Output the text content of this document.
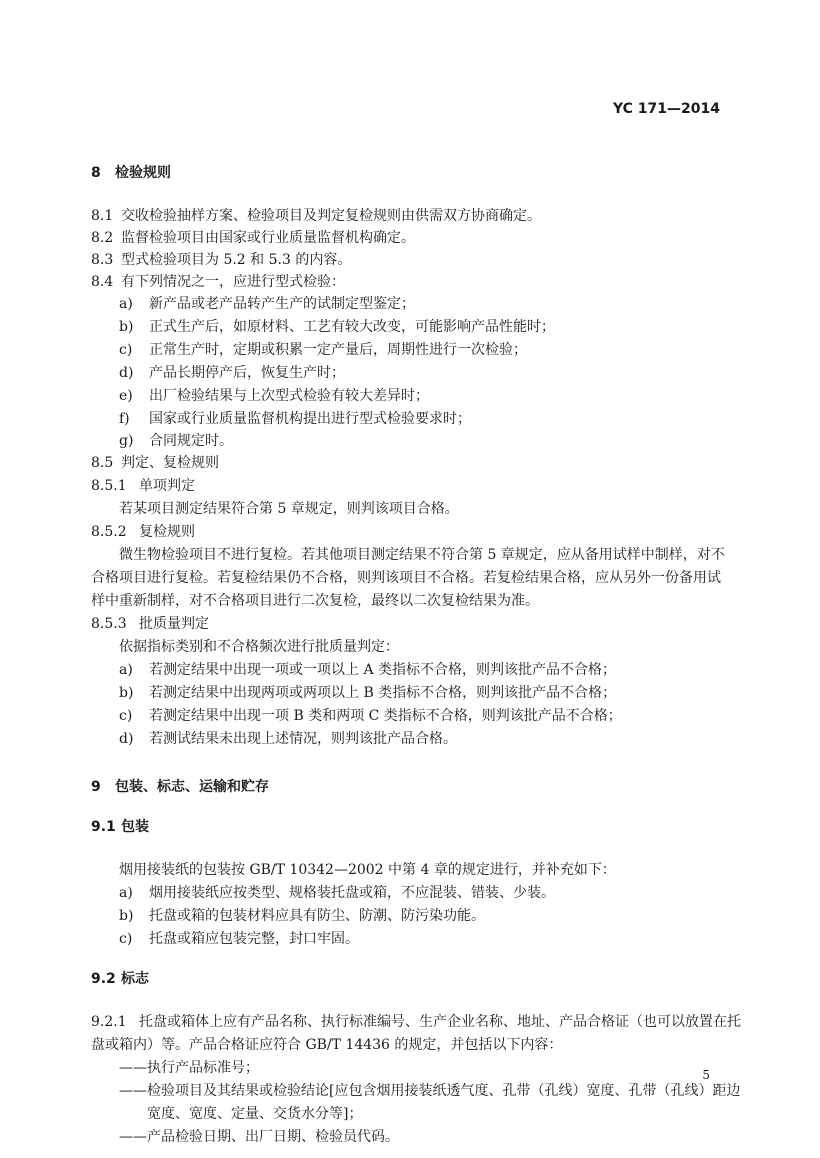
YC 171—2014
8 检验规则
8.1 交收检验抽样方案、检验项目及判定复检规则由供需双方协商确定。
8.2 监督检验项目由国家或行业质量监督机构确定。
8.3 型式检验项目为 5.2 和 5.3 的内容。
8.4 有下列情况之一，应进行型式检验：
a) 新产品或老产品转产生产的试制定型鉴定；
b) 正式生产后，如原材料、工艺有较大改变，可能影响产品性能时；
c) 正常生产时，定期或积累一定产量后，周期性进行一次检验；
d) 产品长期停产后，恢复生产时；
e) 出厂检验结果与上次型式检验有较大差异时；
f) 国家或行业质量监督机构提出进行型式检验要求时；
g) 合同规定时。
8.5 判定、复检规则
8.5.1 单项判定
若某项目测定结果符合第 5 章规定，则判该项目合格。
8.5.2 复检规则
微生物检验项目不进行复检。若其他项目测定结果不符合第 5 章规定，应从备用试样中制样，对不
合格项目进行复检。若复检结果仍不合格，则判该项目不合格。若复检结果合格，应从另外一份备用试
样中重新制样，对不合格项目进行二次复检，最终以二次复检结果为准。
8.5.3 批质量判定
依据指标类别和不合格频次进行批质量判定：
a) 若测定结果中出现一项或一项以上 A 类指标不合格，则判该批产品不合格；
b) 若测定结果中出现两项或两项以上 B 类指标不合格，则判该批产品不合格；
c) 若测定结果中出现一项 B 类和两项 C 类指标不合格，则判该批产品不合格；
d) 若测试结果未出现上述情况，则判该批产品合格。
9 包装、标志、运输和贮存
9.1 包装
烟用接装纸的包装按 GB/T 10342—2002 中第 4 章的规定进行，并补充如下：
a) 烟用接装纸应按类型、规格装托盘或箱，不应混装、错装、少装。
b) 托盘或箱的包装材料应具有防尘、防潮、防污染功能。
c) 托盘或箱应包装完整，封口牢固。
9.2 标志
9.2.1 托盘或箱体上应有产品名称、执行标准编号、生产企业名称、地址、产品合格证（也可以放置在托
盘或箱内）等。产品合格证应符合 GB/T 14436 的规定，并包括以下内容：
——执行产品标准号；
——检验项目及其结果或检验结论[应包含烟用接装纸透气度、孔带（孔线）宽度、孔带（孔线）距边
宽度、宽度、定量、交货水分等]；
——产品检验日期、出厂日期、检验员代码。
5
